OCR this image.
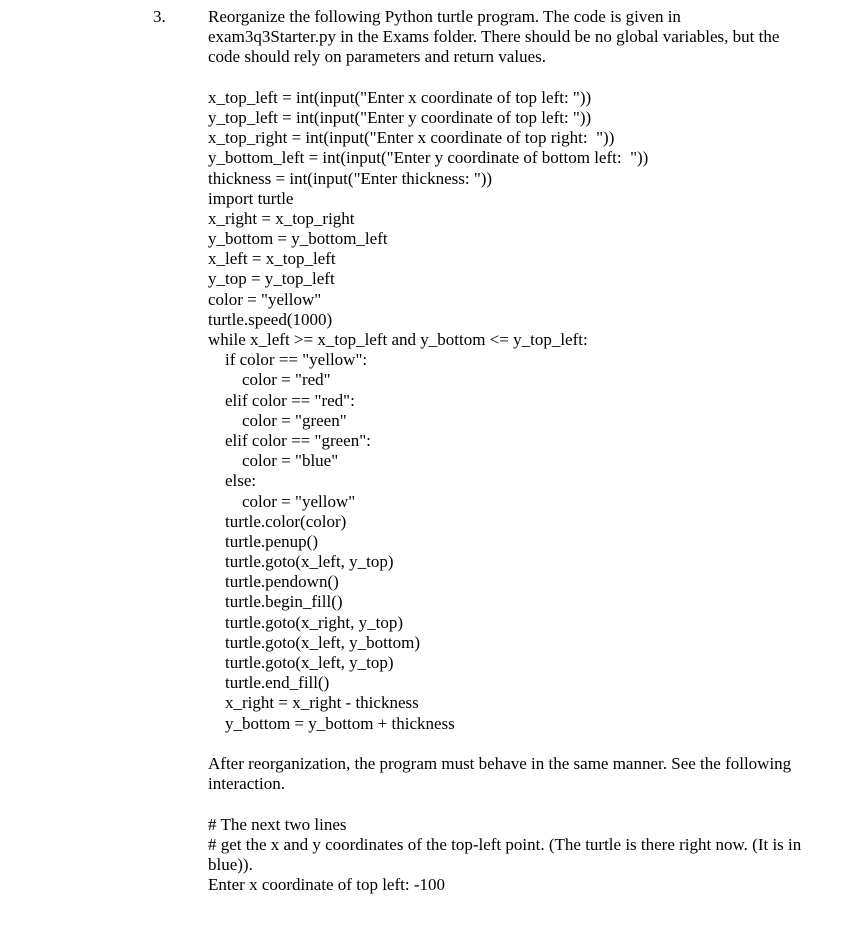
3. Reorganize the following Python turtle program. The code is given in exam3q3Starter.py in the Exams folder. There should be no global variables, but the code should rely on parameters and return values.

x_top_left = int(input("Enter x coordinate of top left: "))
y_top_left = int(input("Enter y coordinate of top left: "))
x_top_right = int(input("Enter x coordinate of top right:  "))
y_bottom_left = int(input("Enter y coordinate of bottom left:  "))
thickness = int(input("Enter thickness: "))
import turtle
x_right = x_top_right
y_bottom = y_bottom_left
x_left = x_top_left
y_top = y_top_left
color = "yellow"
turtle.speed(1000)
while x_left >= x_top_left and y_bottom <= y_top_left:
if color == "yellow":
color = "red"
elif color == "red":
color = "green"
elif color == "green":
color = "blue"
else:
color = "yellow"
turtle.color(color)
turtle.penup()
turtle.goto(x_left, y_top)
turtle.pendown()
turtle.begin_fill()
turtle.goto(x_right, y_top)
turtle.goto(x_left, y_bottom)
turtle.goto(x_left, y_top)
turtle.end_fill()
x_right = x_right - thickness
y_bottom = y_bottom + thickness

After reorganization, the program must behave in the same manner. See the following interaction.

# The next two lines

# get the x and y coordinates of the top-left point. (The turtle is there right now. (It is in blue)).

Enter x coordinate of top left: -100
